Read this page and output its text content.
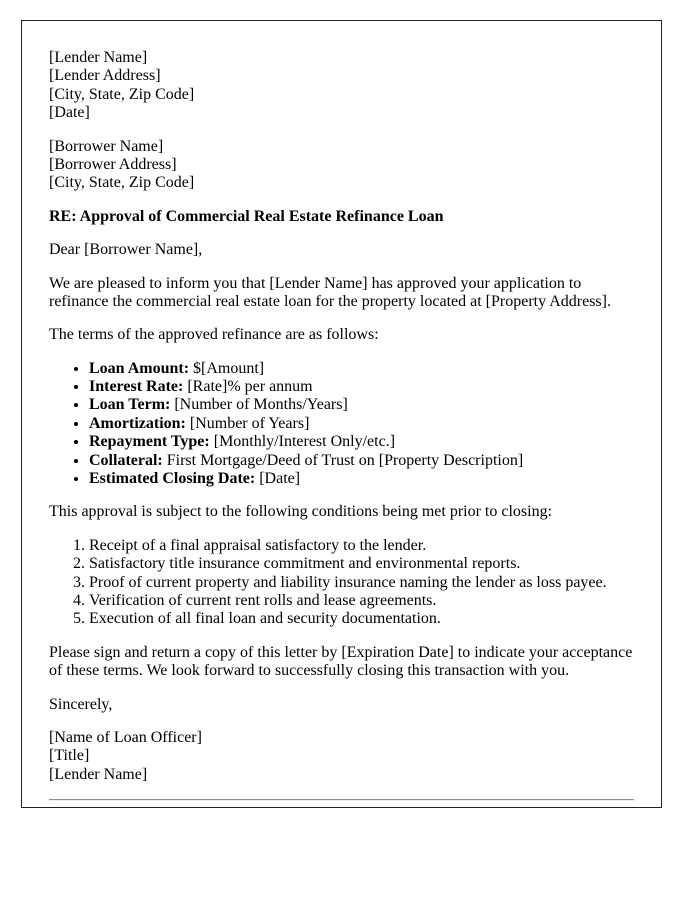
[Lender Name]
[Lender Address]
[City, State, Zip Code]
[Date]

[Borrower Name]
[Borrower Address]
[City, State, Zip Code]

RE: Approval of Commercial Real Estate Refinance Loan

Dear [Borrower Name],

We are pleased to inform you that [Lender Name] has approved your application to refinance the commercial real estate loan for the property located at [Property Address].

The terms of the approved refinance are as follows:

• Loan Amount: $[Amount]
• Interest Rate: [Rate]% per annum
• Loan Term: [Number of Months/Years]
• Amortization: [Number of Years]
• Repayment Type: [Monthly/Interest Only/etc.]
• Collateral: First Mortgage/Deed of Trust on [Property Description]
• Estimated Closing Date: [Date]

This approval is subject to the following conditions being met prior to closing:

1. Receipt of a final appraisal satisfactory to the lender.
2. Satisfactory title insurance commitment and environmental reports.
3. Proof of current property and liability insurance naming the lender as loss payee.
4. Verification of current rent rolls and lease agreements.
5. Execution of all final loan and security documentation.

Please sign and return a copy of this letter by [Expiration Date] to indicate your acceptance of these terms. We look forward to successfully closing this transaction with you.

Sincerely,

[Name of Loan Officer]
[Title]
[Lender Name]
